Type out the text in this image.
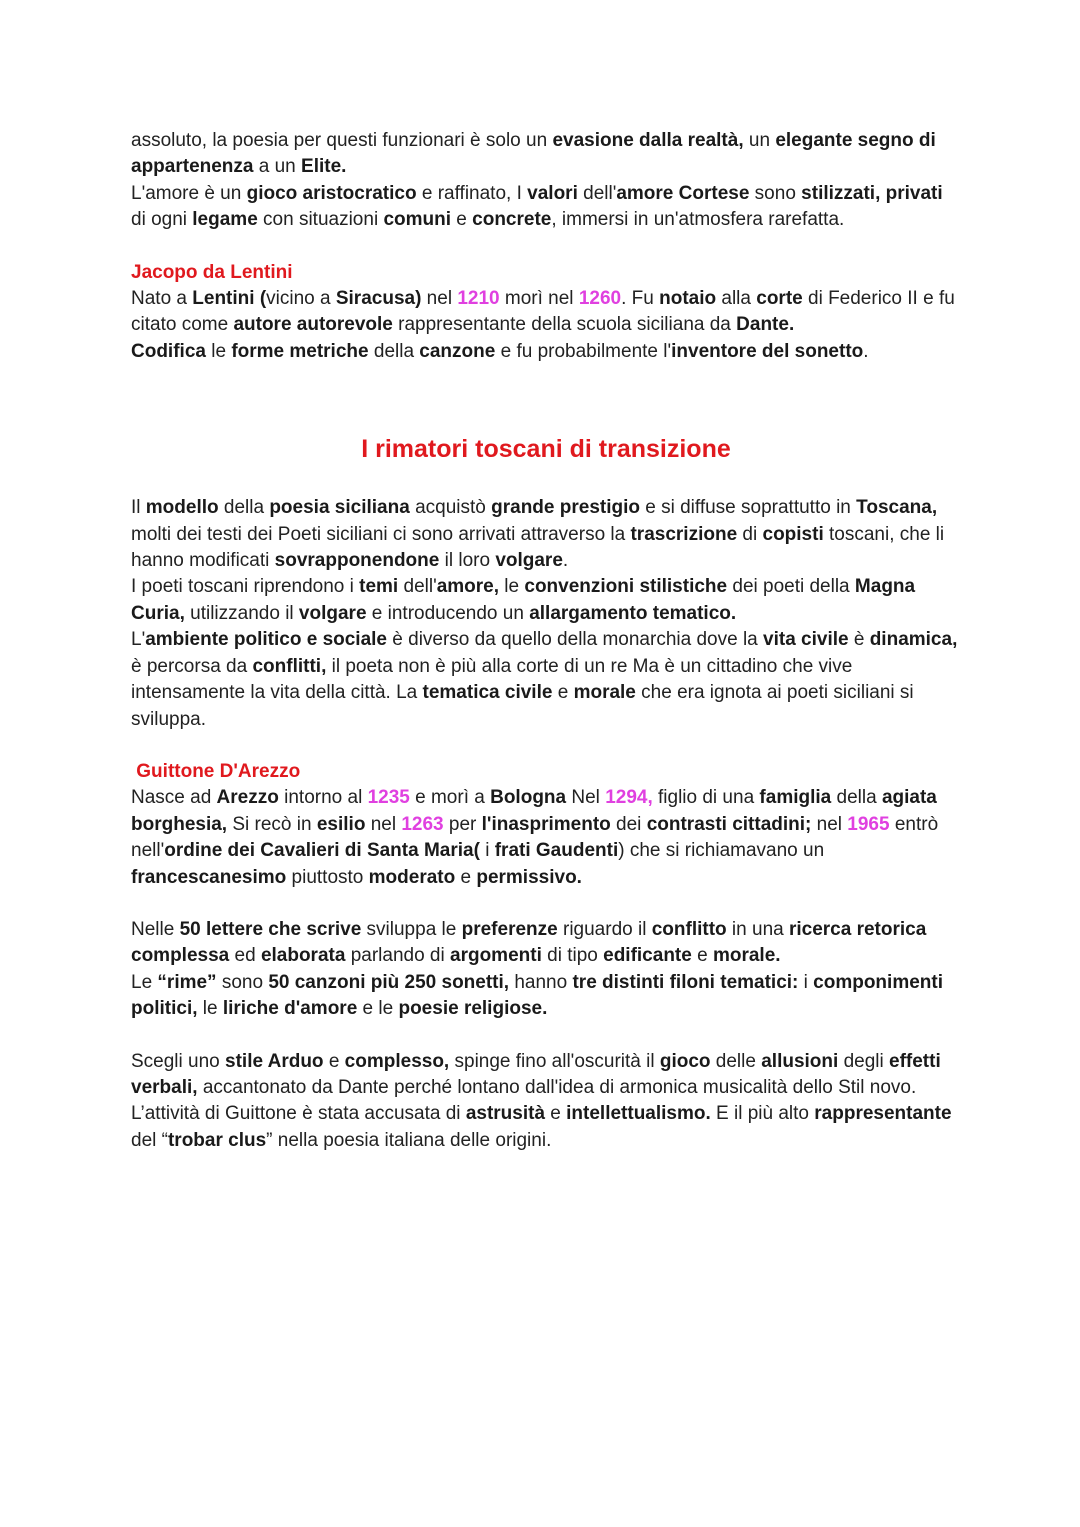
assoluto, la poesia per questi funzionari è solo un evasione dalla realtà, un elegante segno di appartenenza a un Elite.
L'amore è un gioco aristocratico e raffinato, I valori dell'amore Cortese sono stilizzati, privati di ogni legame con situazioni comuni e concrete, immersi in un'atmosfera rarefatta.

Jacopo da Lentini

Nato a Lentini (vicino a Siracusa) nel 1210 morì nel 1260. Fu notaio alla corte di Federico II e fu citato come autore autorevole rappresentante della scuola siciliana da Dante.
Codifica le forme metriche della canzone e fu probabilmente l'inventore del sonetto.

I rimatori toscani di transizione

Il modello della poesia siciliana acquistò grande prestigio e si diffuse soprattutto in Toscana, molti dei testi dei Poeti siciliani ci sono arrivati attraverso la trascrizione di copisti toscani, che li hanno modificati sovrapponendone il loro volgare.
I poeti toscani riprendono i temi dell'amore, le convenzioni stilistiche dei poeti della Magna Curia, utilizzando il volgare e introducendo un allargamento tematico.
L'ambiente politico e sociale è diverso da quello della monarchia dove la vita civile è dinamica, è percorsa da conflitti, il poeta non è più alla corte di un re Ma è un cittadino che vive intensamente la vita della città. La tematica civile e morale che era ignota ai poeti siciliani si sviluppa.

Guittone D'Arezzo

Nasce ad Arezzo intorno al 1235 e morì a Bologna Nel 1294, figlio di una famiglia della agiata borghesia, Si recò in esilio nel 1263 per l'inasprimento dei contrasti cittadini; nel 1965 entrò nell'ordine dei Cavalieri di Santa Maria( i frati Gaudenti) che si richiamavano un francescanesimo piuttosto moderato e permissivo.

Nelle 50 lettere che scrive sviluppa le preferenze riguardo il conflitto in una ricerca retorica complessa ed elaborata parlando di argomenti di tipo edificante e morale.
Le “rime” sono 50 canzoni più 250 sonetti, hanno tre distinti filoni tematici: i componimenti politici, le liriche d'amore e le poesie religiose.

Scegli uno stile Arduo e complesso, spinge fino all'oscurità il gioco delle allusioni degli effetti verbali, accantonato da Dante perché lontano dall'idea di armonica musicalità dello Stil novo. L’attività di Guittone è stata accusata di astrusità e intellettualismo. E il più alto rappresentante del “trobar clus” nella poesia italiana delle origini.
